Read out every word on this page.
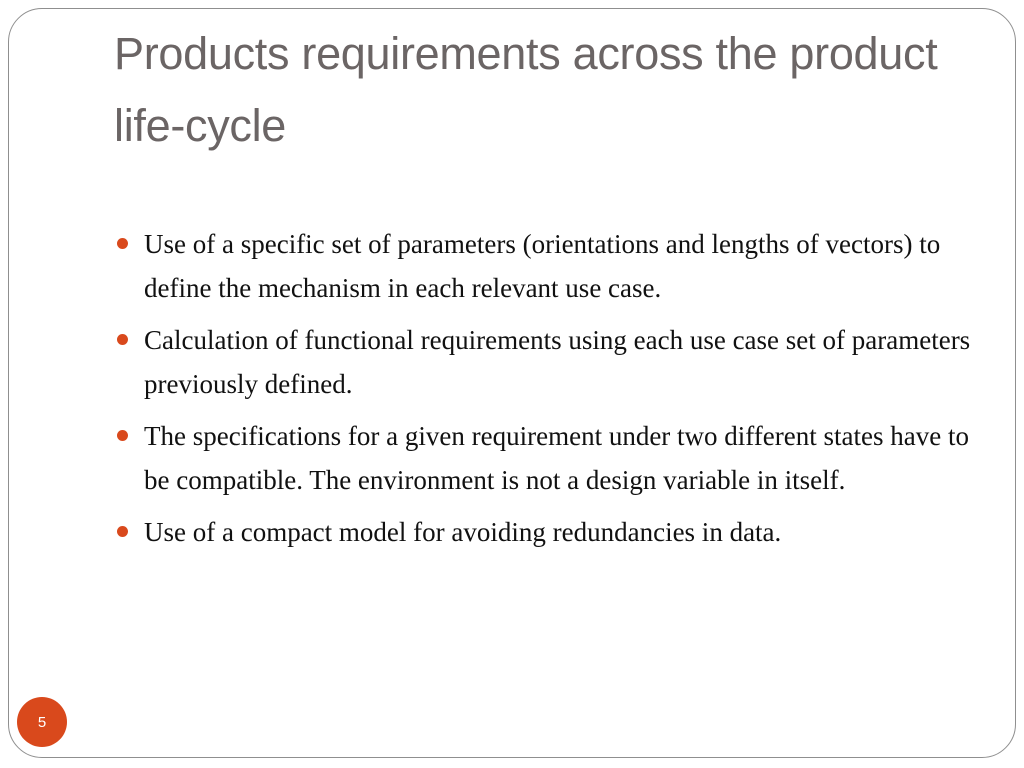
Products requirements across the product life-cycle
Use of a specific set of parameters (orientations and lengths of vectors) to define the mechanism in each relevant use case.
Calculation of functional requirements using each use case set of parameters previously defined.
The specifications for a given requirement under two different states have to be compatible. The environment is not a design variable in itself.
Use of a compact model for avoiding redundancies in data.
5
